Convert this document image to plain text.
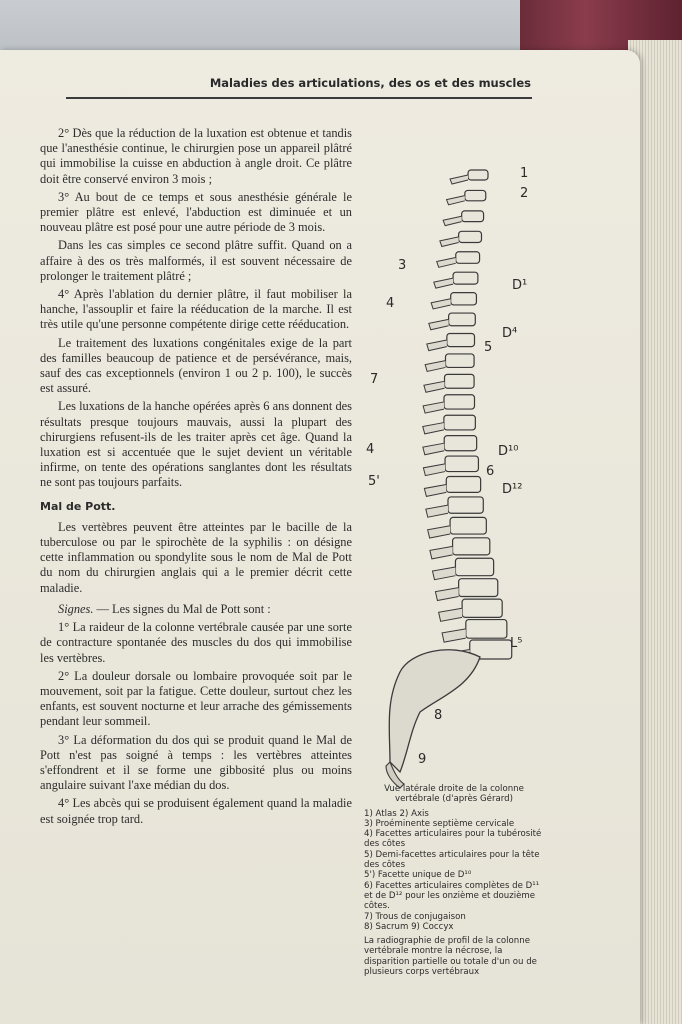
Maladies des articulations, des os et des muscles

2° Dès que la réduction de la luxation est obtenue et tandis que l'anesthésie continue, le chirurgien pose un appareil plâtré qui immobilise la cuisse en abduction à angle droit. Ce plâtre doit être conservé environ 3 mois ;

3° Au bout de ce temps et sous anesthésie générale le premier plâtre est enlevé, l'abduction est diminuée et un nouveau plâtre est posé pour une autre période de 3 mois.

Dans les cas simples ce second plâtre suffit. Quand on a affaire à des os très malformés, il est souvent nécessaire de prolonger le traitement plâtré ;

4° Après l'ablation du dernier plâtre, il faut mobiliser la hanche, l'assouplir et faire la rééducation de la marche. Il est très utile qu'une personne compétente dirige cette rééducation.

Le traitement des luxations congénitales exige de la part des familles beaucoup de patience et de persévérance, mais, sauf des cas exceptionnels (environ 1 ou 2 p. 100), le succès est assuré.

Les luxations de la hanche opérées après 6 ans donnent des résultats presque toujours mauvais, aussi la plupart des chirurgiens refusent-ils de les traiter après cet âge. Quand la luxation est si accentuée que le sujet devient un véritable infirme, on tente des opérations sanglantes dont les résultats ne sont pas toujours parfaits.

Mal de Pott.

Les vertèbres peuvent être atteintes par le bacille de la tuberculose ou par le spirochète de la syphilis : on désigne cette inflammation ou spondylite sous le nom de Mal de Pott du nom du chirurgien anglais qui a le premier décrit cette maladie.

Signes. — Les signes du Mal de Pott sont :

1° La raideur de la colonne vertébrale causée par une sorte de contracture spontanée des muscles du dos qui immobilise les vertèbres.

2° La douleur dorsale ou lombaire provoquée soit par le mouvement, soit par la fatigue. Cette douleur, surtout chez les enfants, est souvent nocturne et leur arrache des gémissements pendant leur sommeil.

3° La déformation du dos qui se produit quand le Mal de Pott n'est pas soigné à temps : les vertèbres atteintes s'effondrent et il se forme une gibbosité plus ou moins angulaire suivant l'axe médian du dos.

4° Les abcès qui se produisent également quand la maladie est soignée trop tard.

1
2
3
D¹
4
D⁴
5
7
D¹⁰
4
6
5'
D¹²
L⁵
8
9
Vue latérale droite de la colonne vertébrale (d'après Gérard)
1) Atlas 2) Axis
3) Proéminente septième cervicale
4) Facettes articulaires pour la tubérosité des côtes
5) Demi-facettes articulaires pour la tête des côtes
5') Facette unique de D¹⁰
6) Facettes articulaires complètes de D¹¹ et de D¹² pour les onzième et douzième côtes.
7) Trous de conjugaison
8) Sacrum 9) Coccyx
La radiographie de profil de la colonne vertébrale montre la nécrose, la disparition partielle ou totale d'un ou de plusieurs corps vertébraux
